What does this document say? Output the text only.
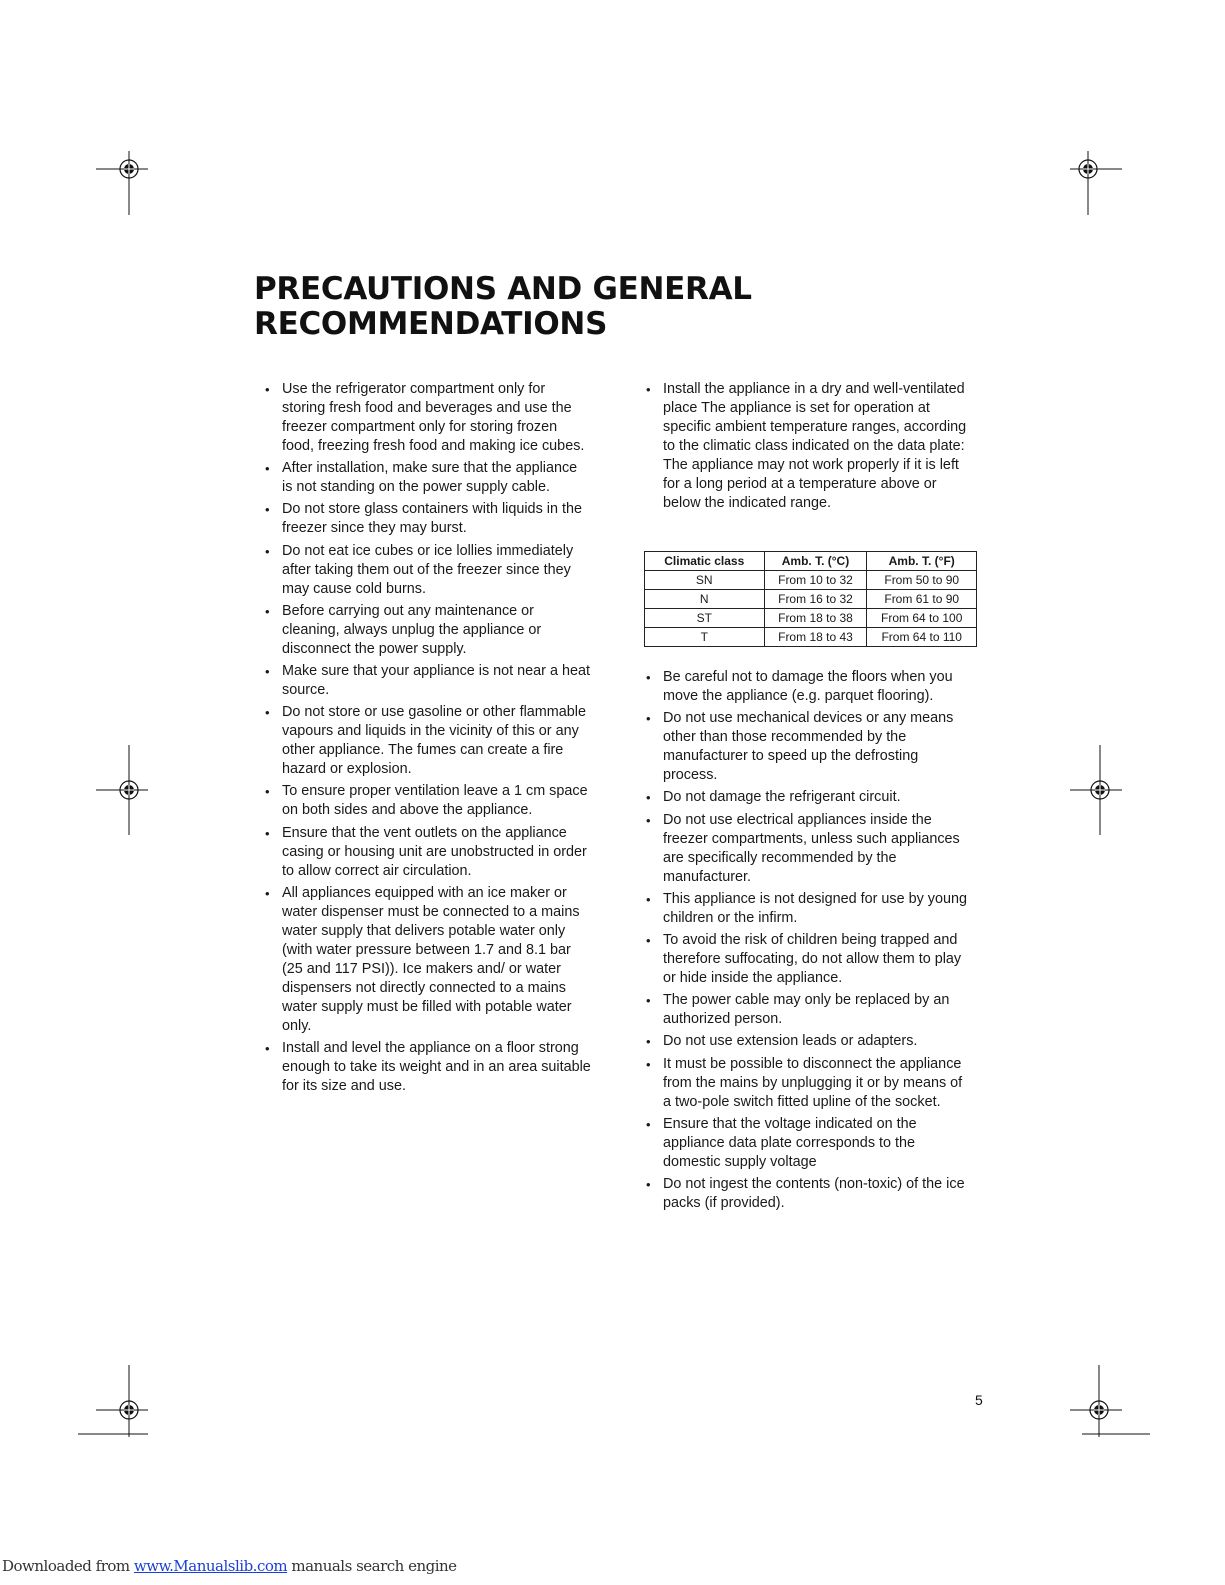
PRECAUTIONS AND GENERAL
RECOMMENDATIONS
• Use the refrigerator compartment only for storing fresh food and beverages and use the freezer compartment only for storing frozen food, freezing fresh food and making ice cubes.
• After installation, make sure that the appliance is not standing on the power supply cable.
• Do not store glass containers with liquids in the freezer since they may burst.
• Do not eat ice cubes or ice lollies immediately after taking them out of the freezer since they may cause cold burns.
• Before carrying out any maintenance or cleaning, always unplug the appliance or disconnect the power supply.
• Make sure that your appliance is not near a heat source.
• Do not store or use gasoline or other flammable vapours and liquids in the vicinity of this or any other appliance. The fumes can create a fire hazard or explosion.
• To ensure proper ventilation leave a 1 cm space on both sides and above the appliance.
• Ensure that the vent outlets on the appliance casing or housing unit are unobstructed in order to allow correct air circulation.
• All appliances equipped with an ice maker or water dispenser must be connected to a mains water supply that delivers potable water only (with water pressure between 1.7 and 8.1 bar (25 and 117 PSI)). Ice makers and/ or water dispensers not directly connected to a mains water supply must be filled with potable water only.
• Install and level the appliance on a floor strong enough to take its weight and in an area suitable for its size and use.
• Install the appliance in a dry and well-ventilated place The appliance is set for operation at specific ambient temperature ranges, according to the climatic class indicated on the data plate: The appliance may not work properly if it is left for a long period at a temperature above or below the indicated range.
Climatic class	Amb. T. (°C)	Amb. T. (°F)
SN	From 10 to 32	From 50 to 90
N	From 16 to 32	From 61 to 90
ST	From 18 to 38	From 64 to 100
T	From 18 to 43	From 64 to 110
• Be careful not to damage the floors when you move the appliance (e.g. parquet flooring).
• Do not use mechanical devices or any means other than those recommended by the manufacturer to speed up the defrosting process.
• Do not damage the refrigerant circuit.
• Do not use electrical appliances inside the freezer compartments, unless such appliances are specifically recommended by the manufacturer.
• This appliance is not designed for use by young children or the infirm.
• To avoid the risk of children being trapped and therefore suffocating, do not allow them to play or hide inside the appliance.
• The power cable may only be replaced by an authorized person.
• Do not use extension leads or adapters.
• It must be possible to disconnect the appliance from the mains by unplugging it or by means of a two-pole switch fitted upline of the socket.
• Ensure that the voltage indicated on the appliance data plate corresponds to the domestic supply voltage
• Do not ingest the contents (non-toxic) of the ice packs (if provided).
5
Downloaded from www.Manualslib.com manuals search engine
